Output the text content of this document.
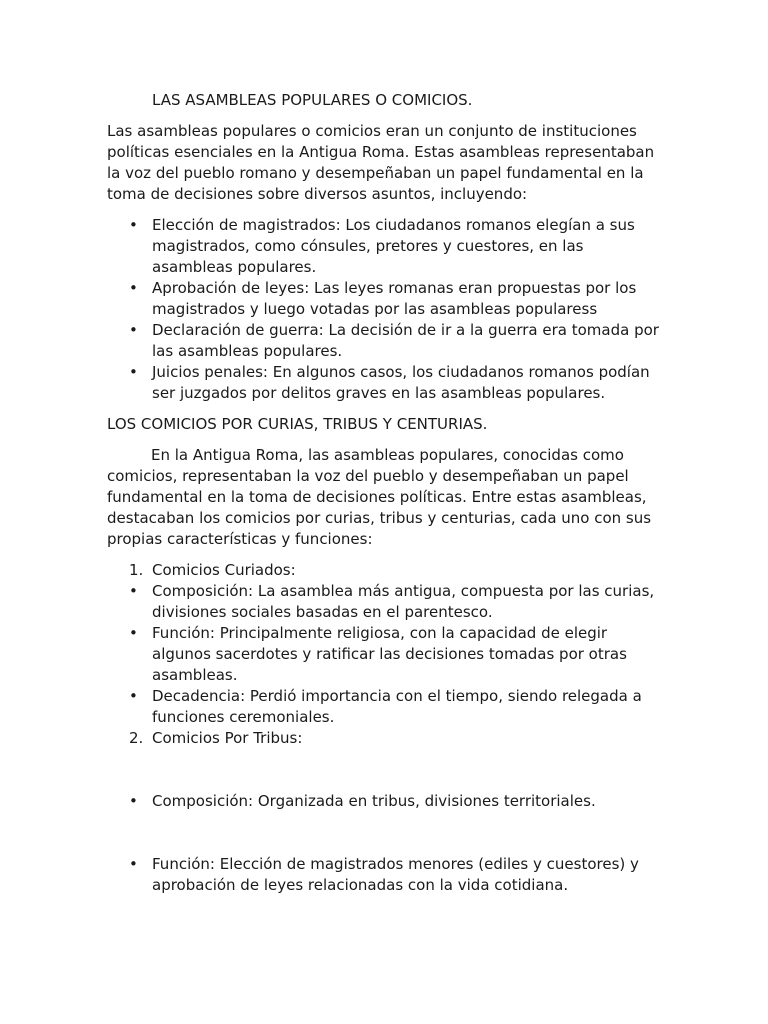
LAS ASAMBLEAS POPULARES O COMICIOS.

Las asambleas populares o comicios eran un conjunto de instituciones políticas esenciales en la Antigua Roma. Estas asambleas representaban la voz del pueblo romano y desempeñaban un papel fundamental en la toma de decisiones sobre diversos asuntos, incluyendo:

• Elección de magistrados: Los ciudadanos romanos elegían a sus magistrados, como cónsules, pretores y cuestores, en las asambleas populares.
• Aprobación de leyes: Las leyes romanas eran propuestas por los magistrados y luego votadas por las asambleas popularess
• Declaración de guerra: La decisión de ir a la guerra era tomada por las asambleas populares.
• Juicios penales: En algunos casos, los ciudadanos romanos podían ser juzgados por delitos graves en las asambleas populares.

LOS COMICIOS POR CURIAS, TRIBUS Y CENTURIAS.

En la Antigua Roma, las asambleas populares, conocidas como comicios, representaban la voz del pueblo y desempeñaban un papel fundamental en la toma de decisiones políticas. Entre estas asambleas, destacaban los comicios por curias, tribus y centurias, cada uno con sus propias características y funciones:

1. Comicios Curiados:
• Composición: La asamblea más antigua, compuesta por las curias, divisiones sociales basadas en el parentesco.
• Función: Principalmente religiosa, con la capacidad de elegir algunos sacerdotes y ratificar las decisiones tomadas por otras asambleas.
• Decadencia: Perdió importancia con el tiempo, siendo relegada a funciones ceremoniales.
2. Comicios Por Tribus:
• Composición: Organizada en tribus, divisiones territoriales.
• Función: Elección de magistrados menores (ediles y cuestores) y aprobación de leyes relacionadas con la vida cotidiana.
